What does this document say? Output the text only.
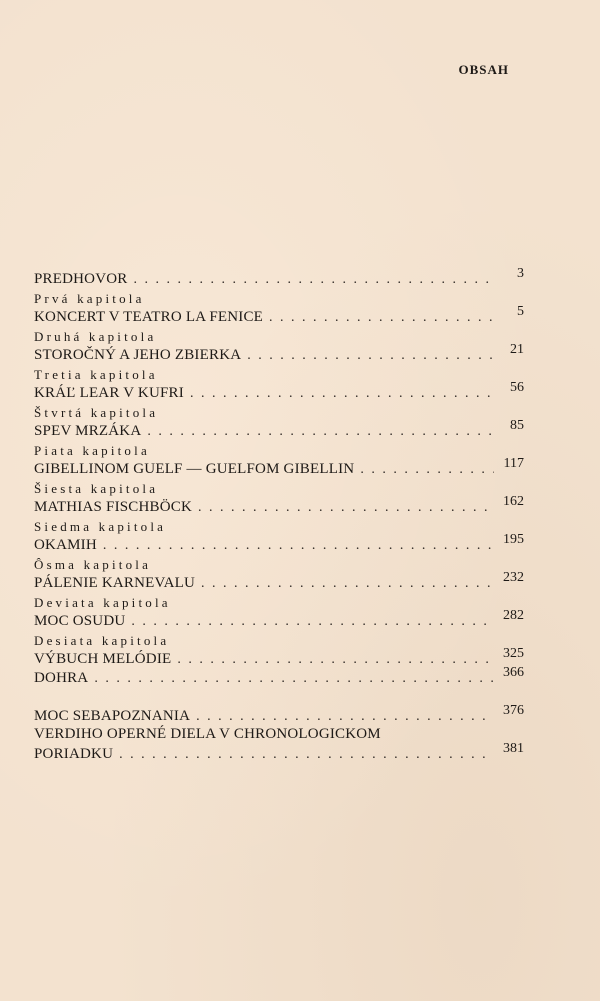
OBSAH
PREDHOVOR . . .	3
Prvá kapitola
KONCERT V TEATRO LA FENICE . . .	5
Druhá kapitola
STOROČNÝ A JEHO ZBIERKA . . .	21
Tretia kapitola
KRÁĽ LEAR V KUFRI . . .	56
Štvrtá kapitola
SPEV MRZÁKA . . .	85
Piata kapitola
GIBELLINOM GUELF — GUELFOM GIBELLIN . . .	117
Šiesta kapitola
MATHIAS FISCHBÖCK . . .	162
Siedma kapitola
OKAMIH . . .	195
Ôsma kapitola
PÁLENIE KARNEVALU . . .	232
Deviata kapitola
MOC OSUDU . . .	282
Desiata kapitola
VÝBUCH MELÓDIE . . .	325
DOHRA . . .	366
MOC SEBAPOZNANIA . . .	376
VERDIHO OPERNÉ DIELA V CHRONOLOGICKOM
PORIADKU . . .	381
